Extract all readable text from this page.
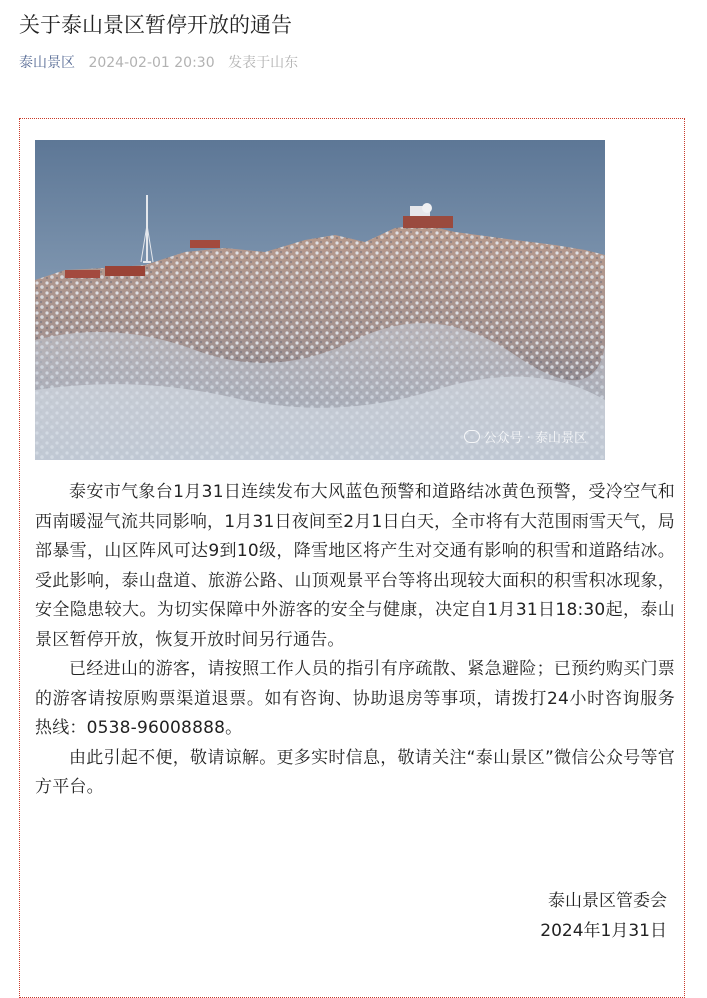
关于泰山景区暂停开放的通告
泰山景区 2024-02-01 20:30 发表于山东
公众号 · 泰山景区

泰安市气象台1月31日连续发布大风蓝色预警和道路结冰黄色预警，受冷空气和西南暖湿气流共同影响，1月31日夜间至2月1日白天，全市将有大范围雨雪天气，局部暴雪，山区阵风可达9到10级，降雪地区将产生对交通有影响的积雪和道路结冰。受此影响，泰山盘道、旅游公路、山顶观景平台等将出现较大面积的积雪积冰现象，安全隐患较大。为切实保障中外游客的安全与健康，决定自1月31日18:30起，泰山景区暂停开放，恢复开放时间另行通告。

已经进山的游客，请按照工作人员的指引有序疏散、紧急避险；已预约购买门票的游客请按原购票渠道退票。如有咨询、协助退房等事项，请拨打24小时咨询服务热线：0538-96008888。

由此引起不便，敬请谅解。更多实时信息，敬请关注“泰山景区”微信公众号等官方平台。

泰山景区管委会
2024年1月31日
